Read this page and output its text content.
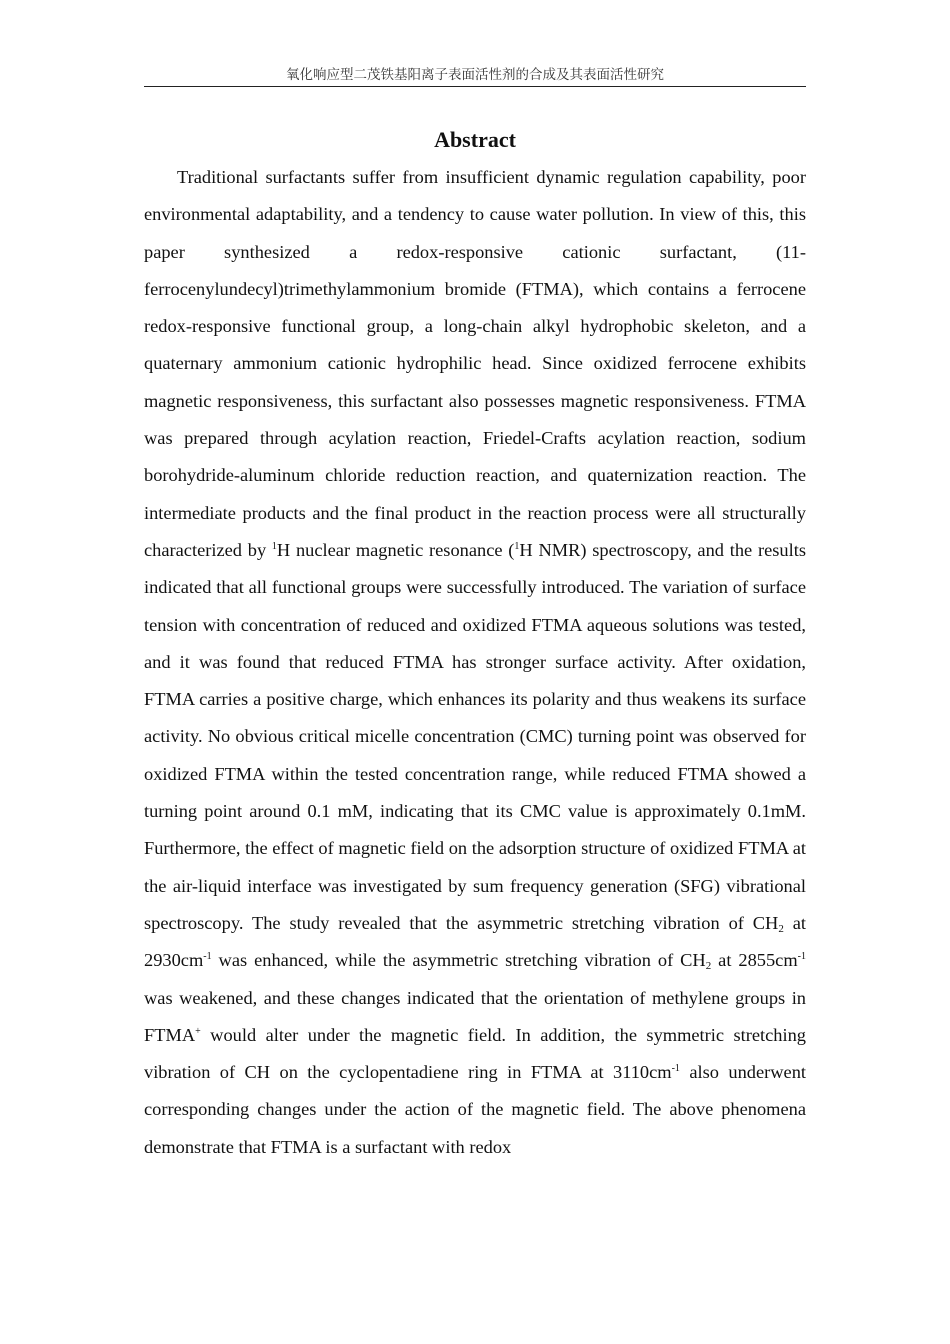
氧化响应型二茂铁基阳离子表面活性剂的合成及其表面活性研究
Abstract

Traditional surfactants suffer from insufficient dynamic regulation capability, poor environmental adaptability, and a tendency to cause water pollution. In view of this, this paper synthesized a redox-responsive cationic surfactant, (11-ferrocenylundecyl)trimethylammonium bromide (FTMA), which contains a ferrocene redox-responsive functional group, a long-chain alkyl hydrophobic skeleton, and a quaternary ammonium cationic hydrophilic head. Since oxidized ferrocene exhibits magnetic responsiveness, this surfactant also possesses magnetic responsiveness. FTMA was prepared through acylation reaction, Friedel-Crafts acylation reaction, sodium borohydride-aluminum chloride reduction reaction, and quaternization reaction. The intermediate products and the final product in the reaction process were all structurally characterized by $^1$H nuclear magnetic resonance ($^1$H NMR) spectroscopy, and the results indicated that all functional groups were successfully introduced. The variation of surface tension with concentration of reduced and oxidized FTMA aqueous solutions was tested, and it was found that reduced FTMA has stronger surface activity. After oxidation, FTMA carries a positive charge, which enhances its polarity and thus weakens its surface activity. No obvious critical micelle concentration (CMC) turning point was observed for oxidized FTMA within the tested concentration range, while reduced FTMA showed a turning point around 0.1 mM, indicating that its CMC value is approximately 0.1mM. Furthermore, the effect of magnetic field on the adsorption structure of oxidized FTMA at the air-liquid interface was investigated by sum frequency generation (SFG) vibrational spectroscopy. The study revealed that the asymmetric stretching vibration of $CH_2$ at $2930cm^{-1}$ was enhanced, while the asymmetric stretching vibration of $CH_2$ at $2855cm^{-1}$ was weakened, and these changes indicated that the orientation of methylene groups in FTMA+ would alter under the magnetic field. In addition, the symmetric stretching vibration of CH on the cyclopentadiene ring in FTMA at $3110cm^{-1}$ also underwent corresponding changes under the action of the magnetic field. The above phenomena demonstrate that FTMA is a surfactant with redox
